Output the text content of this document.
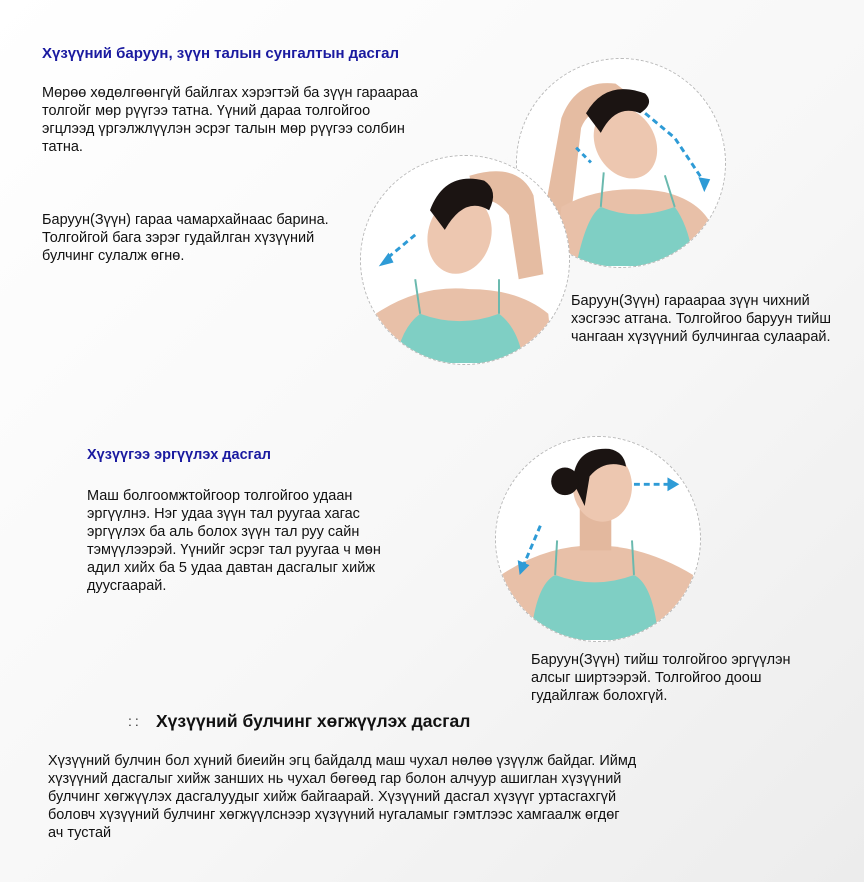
Хүзүүний баруун, зүүн талын сунгалтын дасгал
Мөрөө хөдөлгөөнгүй байлгах хэрэгтэй ба зүүн гараараа
толгойг мөр рүүгээ татна. Үүний дараа толгойгоо
эгцлээд үргэлжлүүлэн эсрэг талын мөр рүүгээ солбин
татна.
Баруун(Зүүн) гараа чамархайнаас барина.
Толгойгой бага зэрэг гудайлган хүзүүний
булчинг сулалж өгнө.
Баруун(Зүүн) гараараа зүүн чихний
хэсгээс атгана. Толгойгоо баруун тийш
чангаан хүзүүний булчингаа сулаарай.
Хүзүүгээ эргүүлэх дасгал
Маш болгоомжтойгоор толгойгоо удаан
эргүүлнэ. Нэг удаа зүүн тал руугаа хагас
эргүүлэх ба аль болох зүүн тал руу сайн
тэмүүлээрэй. Үүнийг эсрэг тал руугаа ч мөн
адил хийх ба 5 удаа давтан дасгалыг хийж
дуусгаарай.
Баруун(Зүүн) тийш толгойгоо эргүүлэн
алсыг ширтээрэй. Толгойгоо доош
гудайлгаж болохгүй.
:: Хүзүүний булчинг хөгжүүлэх дасгал
Хүзүүний булчин бол хүний биеийн эгц байдалд маш чухал нөлөө үзүүлж байдаг. Иймд
хүзүүний дасгалыг хийж занших нь чухал бөгөөд гар болон алчуур ашиглан хүзүүний
булчинг хөгжүүлэх дасгалуудыг хийж байгаарай. Хүзүүний дасгал хүзүүг уртасгахгүй
боловч хүзүүний булчинг хөгжүүлснээр хүзүүний нугаламыг гэмтлээс хамгаалж өгдөг
ач тустай
